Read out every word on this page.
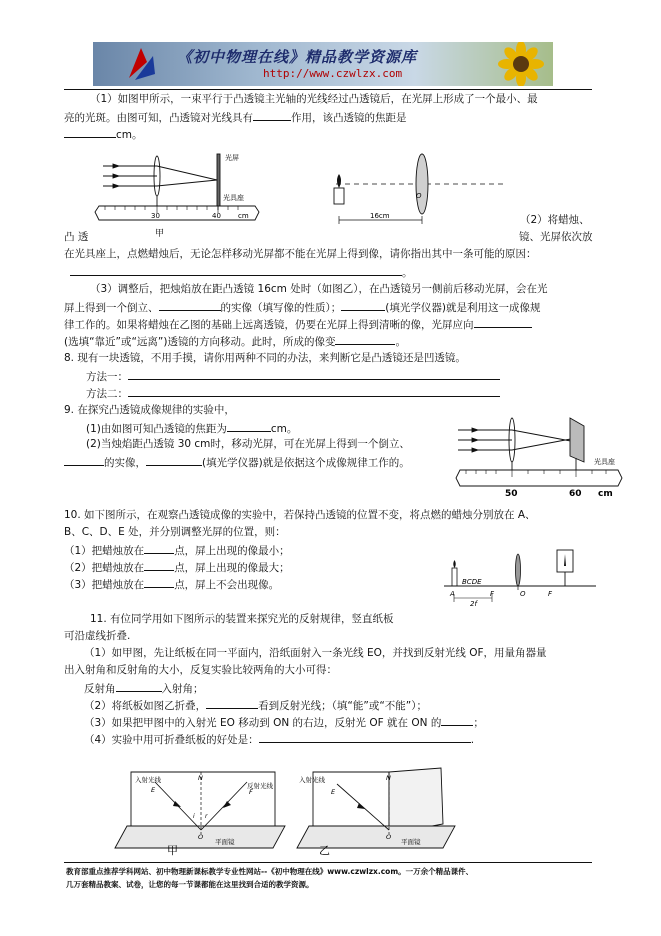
《初中物理在线》精品教学资源库
http://www.czwlzx.com
（1）如图甲所示，一束平行于凸透镜主光轴的光线经过凸透镜后，在光屏上形成了一个最小、最
亮的光斑。由图可知，凸透镜对光线具有	作用，该凸透镜的焦距是
cm。
光屏
光具座
30	40 cm
甲
16cm
O
（2）将蜡烛、
凸 透	镜、光屏依次放
在光具座上，点燃蜡烛后，无论怎样移动光屏都不能在光屏上得到像，请你指出其中一条可能的原因：
。
（3）调整后，把烛焰放在距凸透镜 16cm 处时（如图乙），在凸透镜另一侧前后移动光屏，会在光
屏上得到一个倒立、	的实像（填写像的性质）；	(填光学仪器)就是利用这一成像规
律工作的。如果将蜡烛在乙图的基础上远离透镜，仍要在光屏上得到清晰的像，光屏应向
(选填“靠近”或“远离”)透镜的方向移动。此时，所成的像变	。
8. 现有一块透镜，不用手摸，请你用两种不同的办法，来判断它是凸透镜还是凹透镜。
方法一：
方法二：
9. 在探究凸透镜成像规律的实验中，
(1)由如图可知凸透镜的焦距为	cm。
(2)当烛焰距凸透镜 30 cm时，移动光屏，可在光屏上得到一个倒立、
的实像，	(填光学仪器)就是依据这个成像规律工作的。	光具座
50	60 cm
10. 如下图所示，在观察凸透镜成像的实验中，若保持凸透镜的位置不变，将点燃的蜡烛分别放在 A、
B、C、D、E 处，并分别调整光屏的位置，则：
（1）把蜡烛放在	点，屏上出现的像最小；
（2）把蜡烛放在	点，屏上出现的像最大；
（3）把蜡烛放在	点，屏上不会出现像。	BCDE
A	F	O	F
2f
11. 有位同学用如下图所示的装置来探究光的反射规律，竖直纸板
可沿虚线折叠.
（1）如甲图，先让纸板在同一平面内，沿纸面射入一条光线 EO，并找到反射光线 OF，用量角器量
出入射角和反射角的大小，反复实验比较两角的大小可得：
反射角	入射角；
（2）将纸板如图乙折叠，	看到反射光线；（填“能”或“不能”）；
（3）如果把甲图中的入射光 EO 移动到 ON 的右边，反射光 OF 就在 ON 的	；
（4）实验中用可折叠纸板的好处是：	.
入射光线
反射光线
E
N
F
O
i r
平面镜
甲
入射光线
E
N
O
平面镜
乙
教育部重点推荐学科网站、初中物理新课标教学专业性网站--《初中物理在线》www.czwlzx.com。一万余个精品课件、
几万套精品教案、试卷，让您的每一节课都能在这里找到合适的教学资源。
